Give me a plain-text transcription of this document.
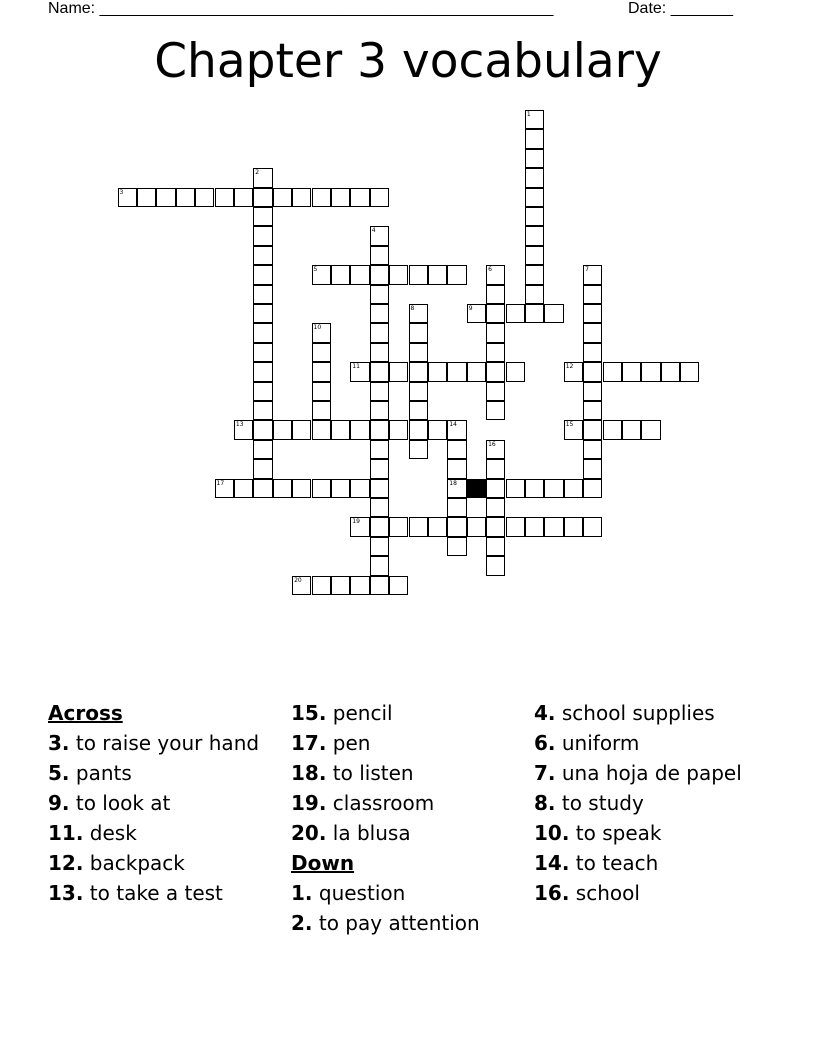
Name: ___________________________________________________	Date: _______
Chapter 3 vocabulary
1
2
3
4
5	6	7
8	9
10
11	12
13	14
18
15
16
17
19
20
Across
3. to raise your hand
5. pants
9. to look at
11. desk
12. backpack
13. to take a test
15. pencil
17. pen
18. to listen
19. classroom
20. la blusa
Down
1. question
2. to pay attention
4. school supplies
6. uniform
7. una hoja de papel
8. to study
10. to speak
14. to teach
16. school
